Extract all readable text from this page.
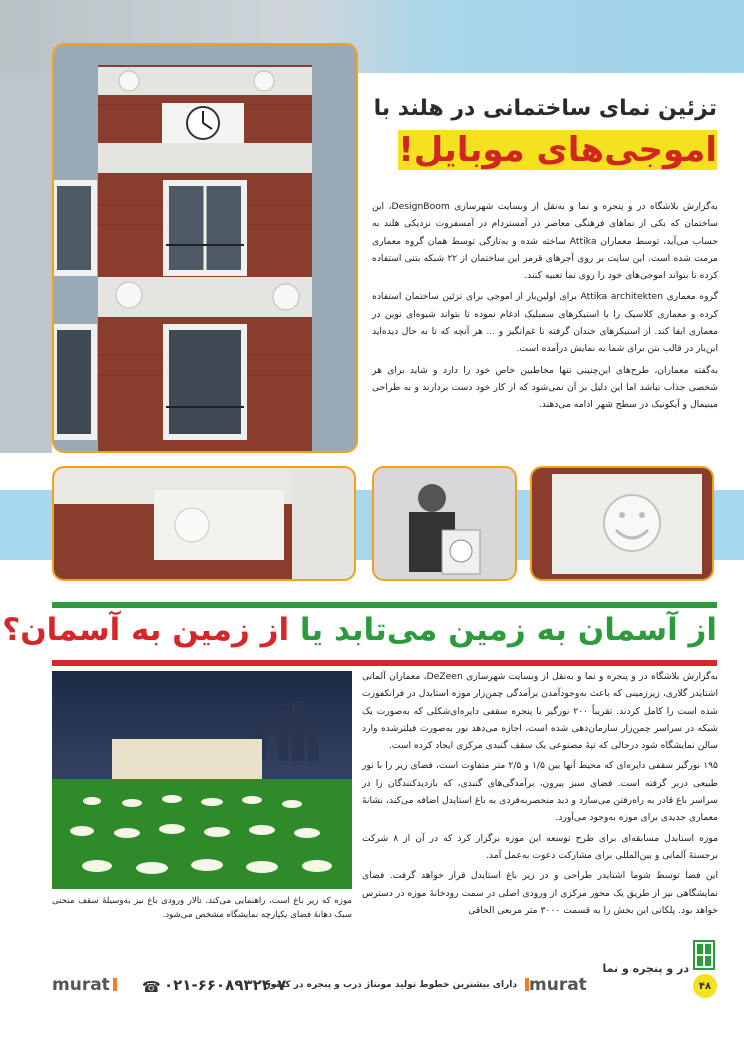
تزئین نمای ساختمانی در هلند با
اموجی‌های موبایل!

به‌گزارش بلاشگاه در و پنجره و نما و به‌نقل از وبسایت شهرسازی DesignBoom، این ساختمان که یکی از نماهای فرهنگی معاصر در آمستردام در آمسفروت نزدیکی هلند به حساب می‌آید، توسط معماران Attika ساخته شده و به‌تازگی توسط همان گروه معماری مرمت شده است. این سایت بر روی آجرهای قرمز این ساختمان از ۲۲ شبکه بتنی استفاده کرده تا بتواند اموجی‌های خود را روی نما تعبیه کنند.

گروه معماری Attika architekten برای اولین‌بار از اموجی برای تزئین ساختمان استفاده کرده و معماری کلاسیک را با استیکرهای سمبلیک ادغام نموده تا بتواند شیوه‌ای نوین در معماری ایفا کند. از استیکرهای خندان گرفته تا غم‌انگیز و ... هر آنچه که تا به حال دیده‌اید این‌بار در قالب بتن برای شما به نمایش درآمده است.

به‌گفته معماران، طرح‌های این‌چنینی تنها مخاطبین خاص خود را دارد و شاید برای هر شخصی جذاب نباشد اما این دلیل بر آن نمی‌شود که از کار خود دست بردارند و به طراحی مینیمال و آیکونیک در سطح شهر ادامه می‌دهند.

از آسمان به زمین می‌تابد یا از زمین به آسمان؟
موزه که زیر باغ است، راهنمایی می‌کند. تالار ورودی باغ نیز به‌وسیلهٔ سقف منحنی سبک دهانهٔ فضای یکپارچه نمایشگاه مشخص می‌شود.

به‌گزارش بلاشگاه در و پنجره و نما و به‌نقل از وبسایت شهرسازی DeZeen، معماران آلمانی اشتایدر گلاری، زیرزمینی که باعث به‌وجودآمدن بر‌آمدگی چمن‌زار موزه استایدل در فرانکفورت شده است را کامل کردند. تقریباً ۲۰۰ نورگیر با پنجره سقفی دایره‌ای‌شکلی که به‌صورت یک شبکه در سراسر چمن‌زار سازمان‌دهی شده است، اجازه می‌دهد نور به‌صورت فیلترشده وارد سالن نمایشگاه شود درحالی که تپهٔ مصنوعی یک سقف گنبدی مرکزی ایجاد کرده است.

۱۹۵ نورگیر سقفی دایره‌ای که محیط آنها بین ۱/۵ و ۲/۵ متر متفاوت است، فضای زیر را با نور طبیعی دربر گرفته است. فضای سبز بیرون، برآمدگی‌های گنبدی، که بازدیدکنندگان را در سراسر باغ قادر به راه‌رفتن می‌سازد و دید منحصربه‌فردی به باغ استایدل اضافه می‌کند، نشانهٔ معماری جدیدی برای موزه به‌وجود می‌آورد.

موزه استایدل مسابقه‌ای برای طرح توسعه این موزه برگزار کرد که در آن از ۸ شرکت برجستهٔ آلمانی و بین‌المللی برای مشارکت دعوت به‌عمل آمد.

این فضا توسط شوما اشتایدر طراحی و در زیر باغ استایدل قرار خواهد گرفت. فضای نمایشگاهی نیز از طریق یک محور مرکزی از ورودی اصلی در سمت رودخانهٔ موزه در دسترس خواهد بود. پلکانی این بخش را به قسمت ۳۰۰۰ متر مربعی الحاقی

۴۸
در و پنجره و نما
murat
دارای بیشترین خطوط تولید مونتاژ درب و پنجره در کشور
۰۲۱-۶۶۰۸۹۳۲۴-۷
☎
murat
